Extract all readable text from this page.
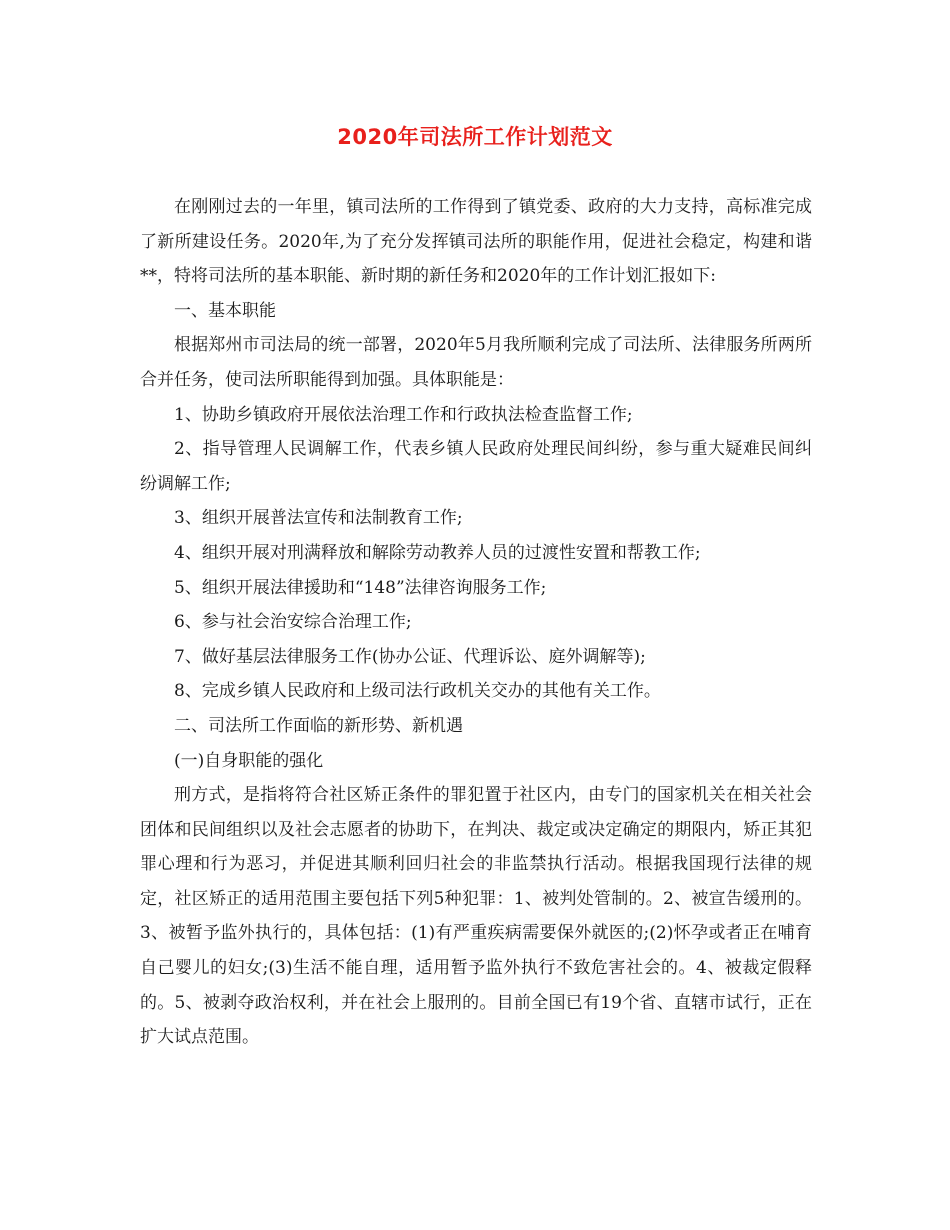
2020年司法所工作计划范文

在刚刚过去的一年里，镇司法所的工作得到了镇党委、政府的大力支持，高标准完成了新所建设任务。2020年,为了充分发挥镇司法所的职能作用，促进社会稳定，构建和谐**，特将司法所的基本职能、新时期的新任务和2020年的工作计划汇报如下:

一、基本职能

根据郑州市司法局的统一部署，2020年5月我所顺利完成了司法所、法律服务所两所合并任务，使司法所职能得到加强。具体职能是：

1、协助乡镇政府开展依法治理工作和行政执法检查监督工作;

2、指导管理人民调解工作，代表乡镇人民政府处理民间纠纷，参与重大疑难民间纠纷调解工作;

3、组织开展普法宣传和法制教育工作;

4、组织开展对刑满释放和解除劳动教养人员的过渡性安置和帮教工作;

5、组织开展法律援助和“148”法律咨询服务工作;

6、参与社会治安综合治理工作;

7、做好基层法律服务工作(协办公证、代理诉讼、庭外调解等);

8、完成乡镇人民政府和上级司法行政机关交办的其他有关工作。

二、司法所工作面临的新形势、新机遇

(一)自身职能的强化

刑方式，是指将符合社区矫正条件的罪犯置于社区内，由专门的国家机关在相关社会团体和民间组织以及社会志愿者的协助下，在判决、裁定或决定确定的期限内，矫正其犯罪心理和行为恶习，并促进其顺利回归社会的非监禁执行活动。根据我国现行法律的规定，社区矫正的适用范围主要包括下列5种犯罪：1、被判处管制的。2、被宣告缓刑的。3、被暂予监外执行的，具体包括：(1)有严重疾病需要保外就医的;(2)怀孕或者正在哺育自己婴儿的妇女;(3)生活不能自理，适用暂予监外执行不致危害社会的。4、被裁定假释的。5、被剥夺政治权利，并在社会上服刑的。目前全国已有19个省、直辖市试行，正在扩大试点范围。
